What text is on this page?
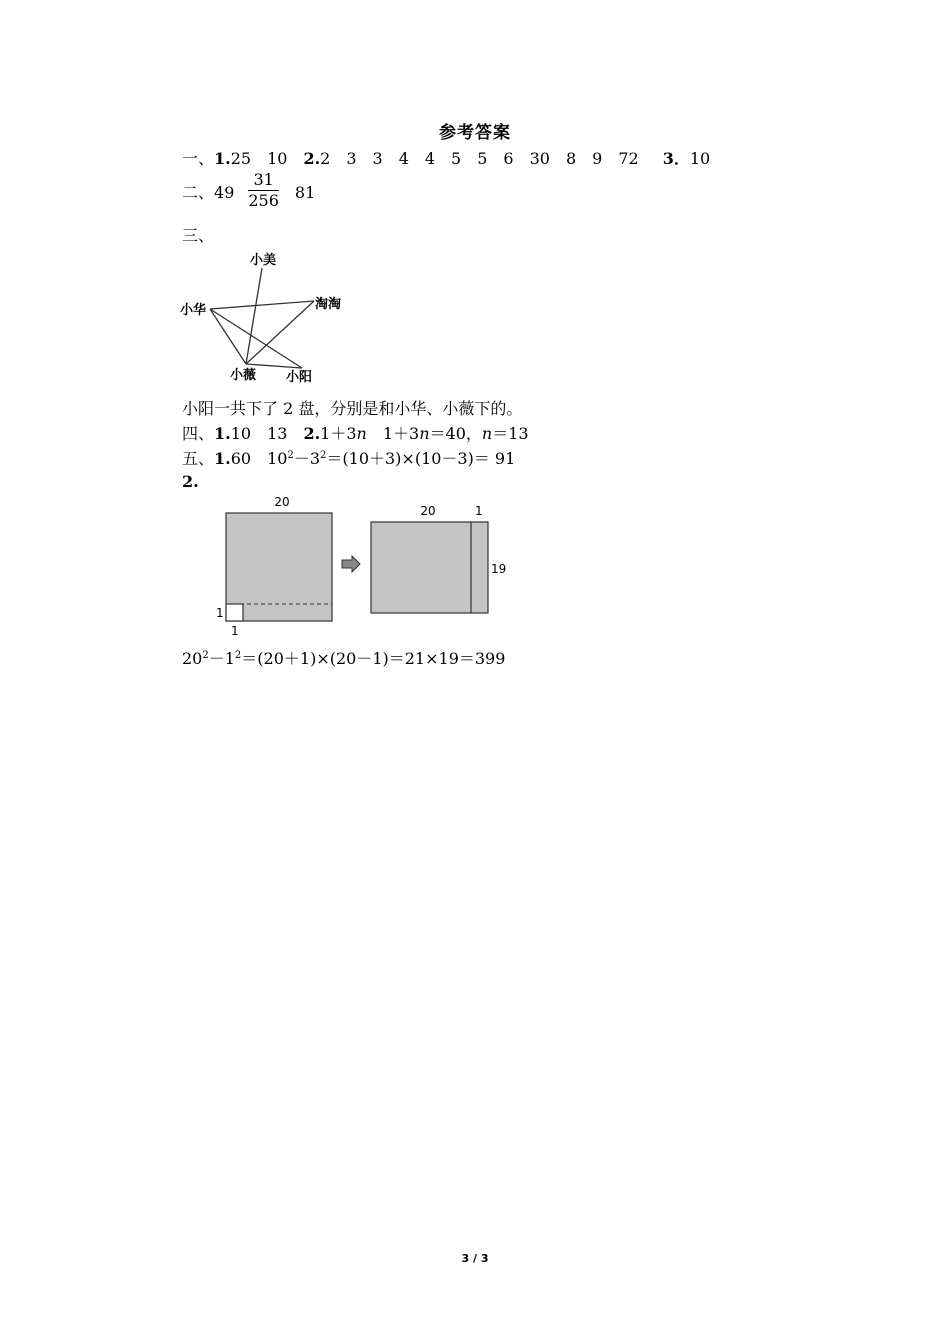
参考答案
一、1.25　10 2.2　3　3　4　4　5　5　6　30　8　9　72 3．10
二、$49 \frac{31}{256} 81$
三、
小美
淘淘
小华
小薇 小阳
小阳一共下了 2 盘，分别是和小华、小薇下的。
四、1.10　13 2.1＋3n　1＋3n＝40，n＝13
五、1.60　$10^2-3^2=(10+3)\times(10-3)= 91$
2.
20
1
1
20	1
19
$20^2-1^2=(20+1)\times(20-1)=21\times 19=399$
3 / 3
